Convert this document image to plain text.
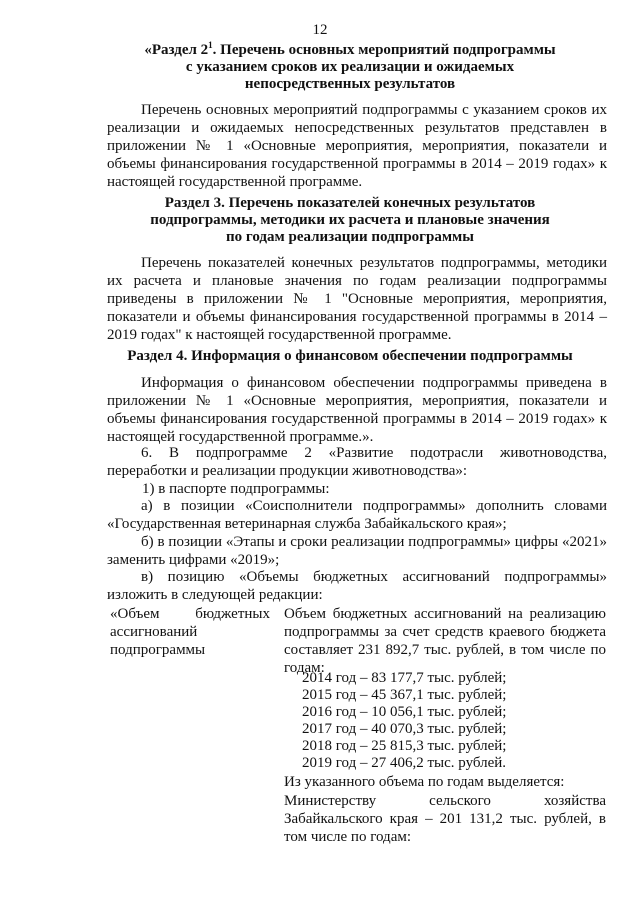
12
«Раздел $2^1$. Перечень основных мероприятий подпрограммы
с указанием сроков их реализации и ожидаемых
непосредственных результатов
Перечень основных мероприятий подпрограммы с указанием сроков их реализации и ожидаемых непосредственных результатов представлен в приложении № 1 «Основные мероприятия, мероприятия, показатели и объемы финансирования государственной программы в 2014 – 2019 годах» к настоящей государственной программе.
Раздел 3. Перечень показателей конечных результатов
подпрограммы, методики их расчета и плановые значения
по годам реализации подпрограммы
Перечень показателей конечных результатов подпрограммы, методики их расчета и плановые значения по годам реализации подпрограммы приведены в приложении № 1 "Основные мероприятия, мероприятия, показатели и объемы финансирования государственной программы в 2014 – 2019 годах" к настоящей государственной программе.
Раздел 4. Информация о финансовом обеспечении подпрограммы
Информация о финансовом обеспечении подпрограммы приведена в приложении № 1 «Основные мероприятия, мероприятия, показатели и объемы финансирования государственной программы в 2014 – 2019 годах» к настоящей государственной программе.».
6. В подпрограмме 2 «Развитие подотрасли животноводства, переработки и реализации продукции животноводства»:
1) в паспорте подпрограммы:
а) в позиции «Соисполнители подпрограммы» дополнить словами «Государственная ветеринарная служба Забайкальского края»;
б) в позиции «Этапы и сроки реализации подпрограммы» цифры «2021» заменить цифрами «2019»;
в) позицию «Объемы бюджетных ассигнований подпрограммы» изложить в следующей редакции:
«Объем бюджетных ассигнований подпрограммы
Объем бюджетных ассигнований на реализацию подпрограммы за счет средств краевого бюджета составляет 231 892,7 тыс. рублей, в том числе по годам:
2014 год – 83 177,7 тыс. рублей;
2015 год – 45 367,1 тыс. рублей;
2016 год – 10 056,1 тыс. рублей;
2017 год – 40 070,3 тыс. рублей;
2018 год – 25 815,3 тыс. рублей;
2019 год – 27 406,2 тыс. рублей.
Из указанного объема по годам выделяется:
Министерству сельского хозяйства Забайкальского края – 201 131,2 тыс. рублей, в том числе по годам:
